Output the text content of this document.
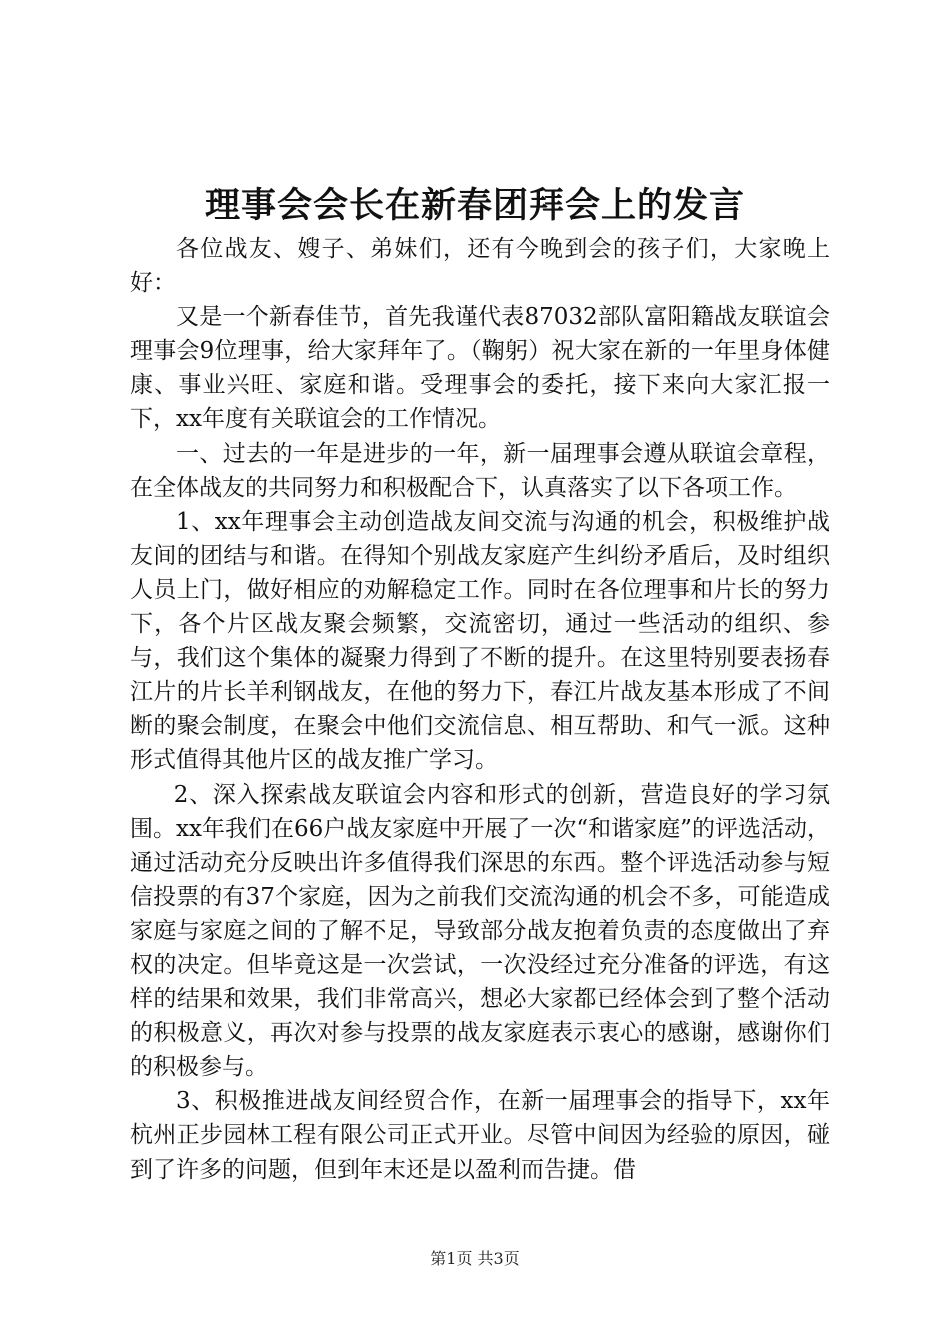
理事会会长在新春团拜会上的发言

各位战友、嫂子、弟妹们，还有今晚到会的孩子们，大家晚上好：

又是一个新春佳节，首先我谨代表87032部队富阳籍战友联谊会理事会9位理事，给大家拜年了。（鞠躬）祝大家在新的一年里身体健康、事业兴旺、家庭和谐。受理事会的委托，接下来向大家汇报一下，xx年度有关联谊会的工作情况。

一、过去的一年是进步的一年，新一届理事会遵从联谊会章程，在全体战友的共同努力和积极配合下，认真落实了以下各项工作。

1、xx年理事会主动创造战友间交流与沟通的机会，积极维护战友间的团结与和谐。在得知个别战友家庭产生纠纷矛盾后，及时组织人员上门，做好相应的劝解稳定工作。同时在各位理事和片长的努力下，各个片区战友聚会频繁，交流密切，通过一些活动的组织、参与，我们这个集体的凝聚力得到了不断的提升。在这里特别要表扬春江片的片长羊利钢战友，在他的努力下，春江片战友基本形成了不间断的聚会制度，在聚会中他们交流信息、相互帮助、和气一派。这种形式值得其他片区的战友推广学习。

2、深入探索战友联谊会内容和形式的创新，营造良好的学习氛围。xx年我们在66户战友家庭中开展了一次“和谐家庭”的评选活动，通过活动充分反映出许多值得我们深思的东西。整个评选活动参与短信投票的有37个家庭，因为之前我们交流沟通的机会不多，可能造成家庭与家庭之间的了解不足，导致部分战友抱着负责的态度做出了弃权的决定。但毕竟这是一次尝试，一次没经过充分准备的评选，有这样的结果和效果，我们非常高兴，想必大家都已经体会到了整个活动的积极意义，再次对参与投票的战友家庭表示衷心的感谢，感谢你们的积极参与。

3、积极推进战友间经贸合作，在新一届理事会的指导下，xx年杭州正步园林工程有限公司正式开业。尽管中间因为经验的原因，碰到了许多的问题，但到年末还是以盈利而告捷。借

第1页 共3页
